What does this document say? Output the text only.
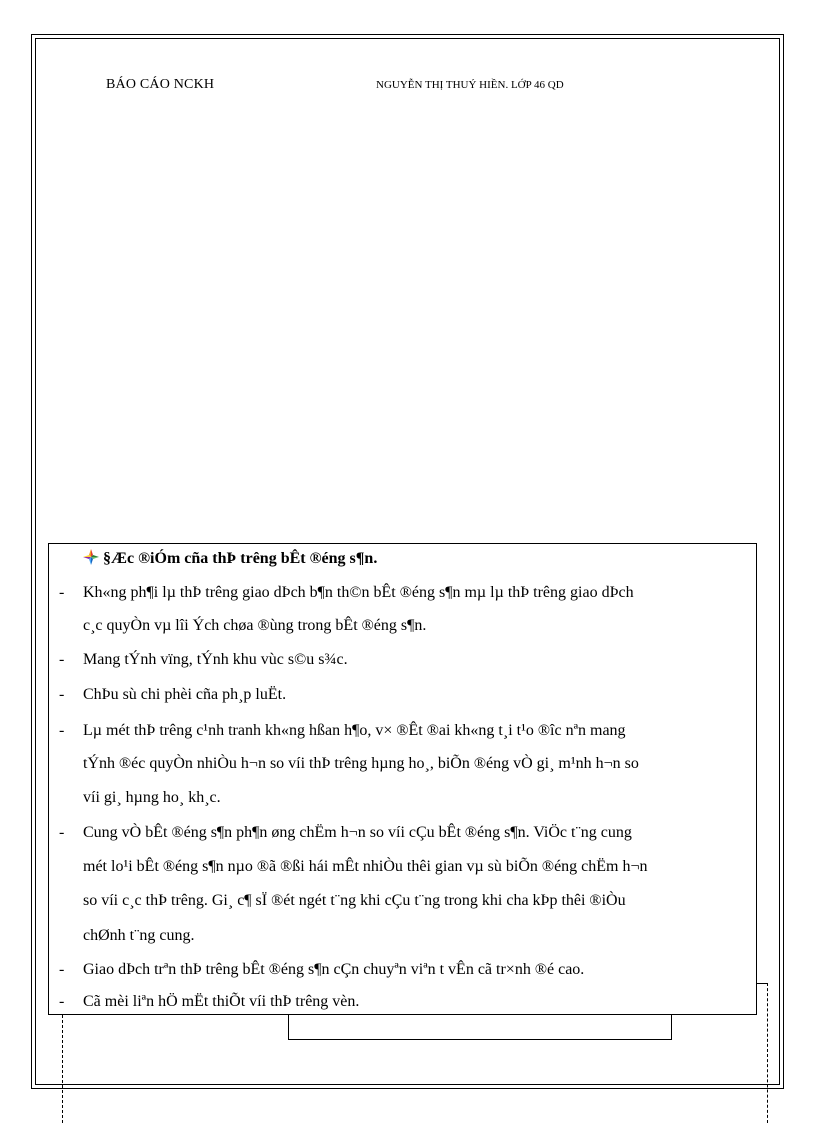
BÁO CÁO NCKH	NGUYỄN THỊ THUÝ HIỀN. LỚP 46 QD
§Æc ®iÓm cña thÞ trêng bÊt ®éng s¶n.
- Kh«ng ph¶i lµ thÞ trêng giao dÞch b¶n th©n bÊt ®éng s¶n mµ lµ thÞ trêng giao dÞch
c¸c quyÒn vµ lîi Ých chøa ®ùng trong bÊt ®éng s¶n.
- Mang tÝnh vïng, tÝnh khu vùc s©u s¾c.
- ChÞu sù chi phèi cña ph¸p luËt.
- Lµ mét thÞ trêng c¹nh tranh kh«ng hßan h¶o, v× ®Êt ®ai kh«ng t¸i t¹o ®îc nªn mang
tÝnh ®éc quyÒn nhiÒu h¬n so víi thÞ trêng hµng ho¸, biÕn ®éng vÒ gi¸ m¹nh h¬n so
víi gi¸ hµng ho¸ kh¸c.
- Cung vÒ bÊt ®éng s¶n ph¶n øng chËm h¬n so víi cÇu bÊt ®éng s¶n. ViÖc t¨ng cung
mét lo¹i bÊt ®éng s¶n nµo ®ã ®ßi hái mÊt nhiÒu thêi gian vµ sù biÕn ®éng chËm h¬n
so víi c¸c thÞ trêng. Gi¸ c¶ sÏ ®ét ngét t¨ng khi cÇu t¨ng trong khi cha kÞp thêi ®iÒu
chØnh t¨ng cung.
- Giao dÞch trªn thÞ trêng bÊt ®éng s¶n cÇn chuyªn viªn t vÊn cã tr×nh ®é cao.
- Cã mèi liªn hÖ mËt thiÕt víi thÞ trêng vèn.
